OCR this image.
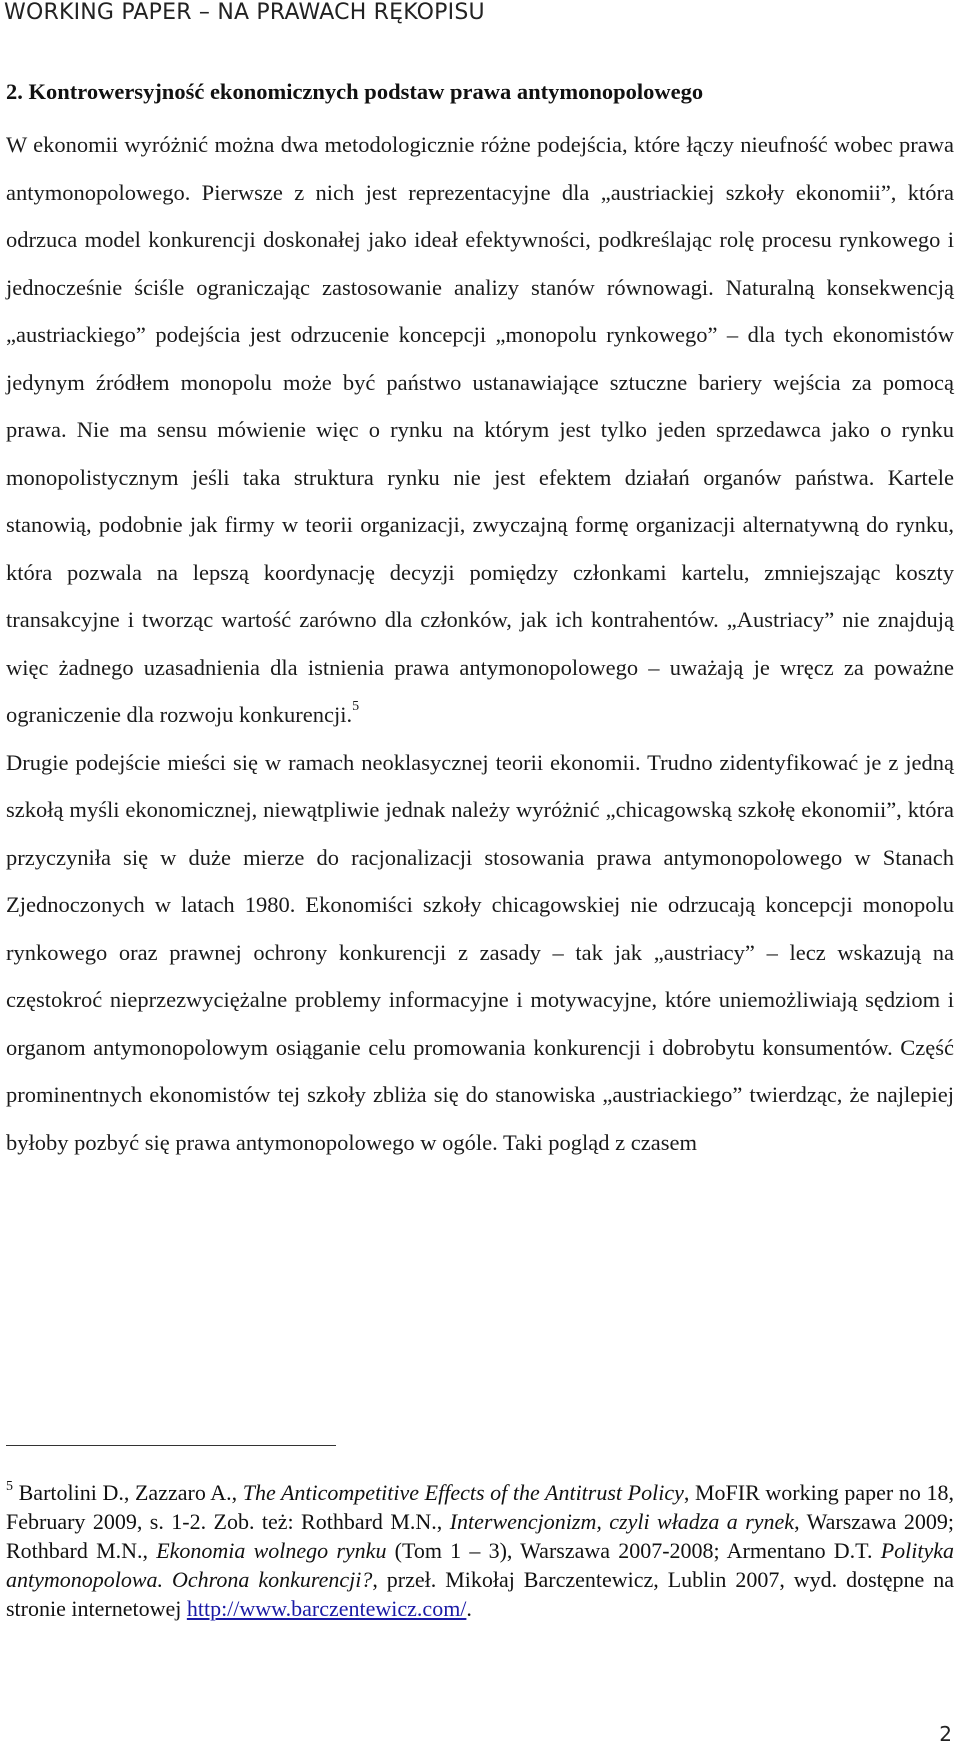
WORKING PAPER – NA PRAWACH RĘKOPISU
2. Kontrowersyjność ekonomicznych podstaw prawa antymonopolowego

W ekonomii wyróżnić można dwa metodologicznie różne podejścia, które łączy nieufność wobec prawa antymonopolowego. Pierwsze z nich jest reprezentacyjne dla „austriackiej szkoły ekonomii”, która odrzuca model konkurencji doskonałej jako ideał efektywności, podkreślając rolę procesu rynkowego i jednocześnie ściśle ograniczając zastosowanie analizy stanów równowagi. Naturalną konsekwencją „austriackiego” podejścia jest odrzucenie koncepcji „monopolu rynkowego” – dla tych ekonomistów jedynym źródłem monopolu może być państwo ustanawiające sztuczne bariery wejścia za pomocą prawa. Nie ma sensu mówienie więc o rynku na którym jest tylko jeden sprzedawca jako o rynku monopolistycznym jeśli taka struktura rynku nie jest efektem działań organów państwa. Kartele stanowią, podobnie jak firmy w teorii organizacji, zwyczajną formę organizacji alternatywną do rynku, która pozwala na lepszą koordynację decyzji pomiędzy członkami kartelu, zmniejszając koszty transakcyjne i tworząc wartość zarówno dla członków, jak ich kontrahentów. „Austriacy” nie znajdują więc żadnego uzasadnienia dla istnienia prawa antymonopolowego – uważają je wręcz za poważne ograniczenie dla rozwoju konkurencji.$^5$

Drugie podejście mieści się w ramach neoklasycznej teorii ekonomii. Trudno zidentyfikować je z jedną szkołą myśli ekonomicznej, niewątpliwie jednak należy wyróżnić „chicagowską szkołę ekonomii”, która przyczyniła się w duże mierze do racjonalizacji stosowania prawa antymonopolowego w Stanach Zjednoczonych w latach 1980. Ekonomiści szkoły chicagowskiej nie odrzucają koncepcji monopolu rynkowego oraz prawnej ochrony konkurencji z zasady – tak jak „austriacy” – lecz wskazują na częstokroć nieprzezwyciężalne problemy informacyjne i motywacyjne, które uniemożliwiają sędziom i organom antymonopolowym osiąganie celu promowania konkurencji i dobrobytu konsumentów. Część prominentnych ekonomistów tej szkoły zbliża się do stanowiska „austriackiego” twierdząc, że najlepiej byłoby pozbyć się prawa antymonopolowego w ogóle. Taki pogląd z czasem

$^5$ Bartolini D., Zazzaro A., The Anticompetitive Effects of the Antitrust Policy, MoFIR working paper no 18, February 2009, s. 1-2. Zob. też: Rothbard M.N., Interwencjonizm, czyli władza a rynek, Warszawa 2009; Rothbard M.N., Ekonomia wolnego rynku (Tom 1 – 3), Warszawa 2007-2008; Armentano D.T. Polityka antymonopolowa. Ochrona konkurencji?, przeł. Mikołaj Barczentewicz, Lublin 2007, wyd. dostępne na stronie internetowej http://www.barczentewicz.com/.
2
